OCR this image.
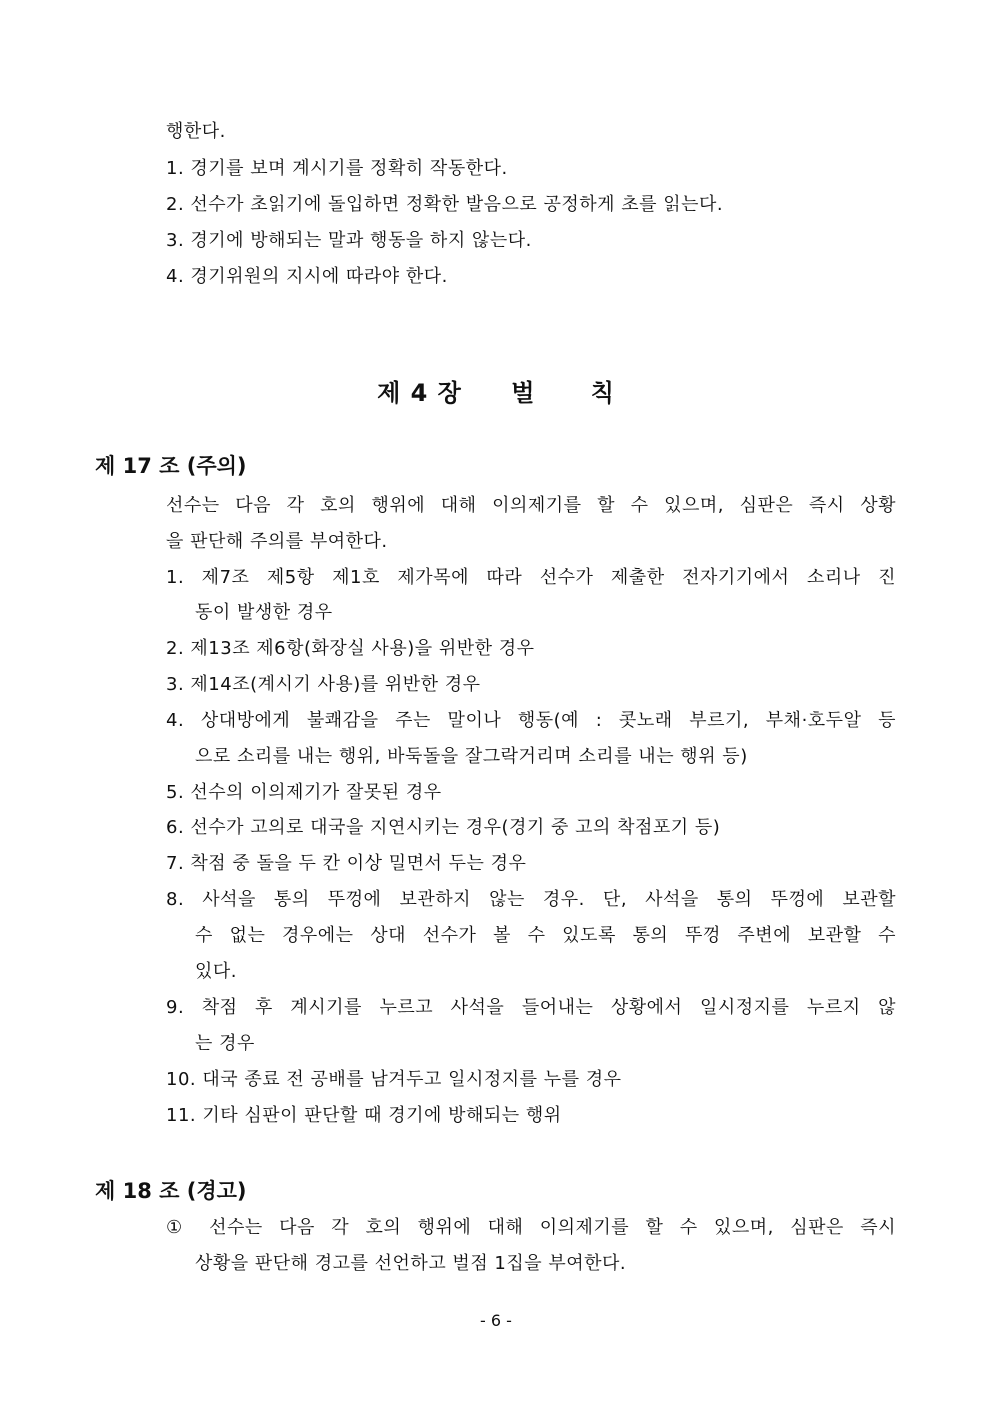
행한다.
1. 경기를 보며 계시기를 정확히 작동한다.
2. 선수가 초읽기에 돌입하면 정확한 발음으로 공정하게 초를 읽는다.
3. 경기에 방해되는 말과 행동을 하지 않는다.
4. 경기위원의 지시에 따라야 한다.
제 4 장 벌 칙
제 17 조 (주의)
선수는 다음 각 호의 행위에 대해 이의제기를 할 수 있으며, 심판은 즉시 상황
을 판단해 주의를 부여한다.
1. 제7조 제5항 제1호 제가목에 따라 선수가 제출한 전자기기에서 소리나 진
동이 발생한 경우
2. 제13조 제6항(화장실 사용)을 위반한 경우
3. 제14조(계시기 사용)를 위반한 경우
4. 상대방에게 불쾌감을 주는 말이나 행동(예 : 콧노래 부르기, 부채·호두알 등
으로 소리를 내는 행위, 바둑돌을 잘그락거리며 소리를 내는 행위 등)
5. 선수의 이의제기가 잘못된 경우
6. 선수가 고의로 대국을 지연시키는 경우(경기 중 고의 착점포기 등)
7. 착점 중 돌을 두 칸 이상 밀면서 두는 경우
8. 사석을 통의 뚜껑에 보관하지 않는 경우. 단, 사석을 통의 뚜껑에 보관할
수 없는 경우에는 상대 선수가 볼 수 있도록 통의 뚜껑 주변에 보관할 수
있다.
9. 착점 후 계시기를 누르고 사석을 들어내는 상황에서 일시정지를 누르지 않
는 경우
10. 대국 종료 전 공배를 남겨두고 일시정지를 누를 경우
11. 기타 심판이 판단할 때 경기에 방해되는 행위
제 18 조 (경고)
① 선수는 다음 각 호의 행위에 대해 이의제기를 할 수 있으며, 심판은 즉시
상황을 판단해 경고를 선언하고 벌점 1집을 부여한다.
- 6 -
